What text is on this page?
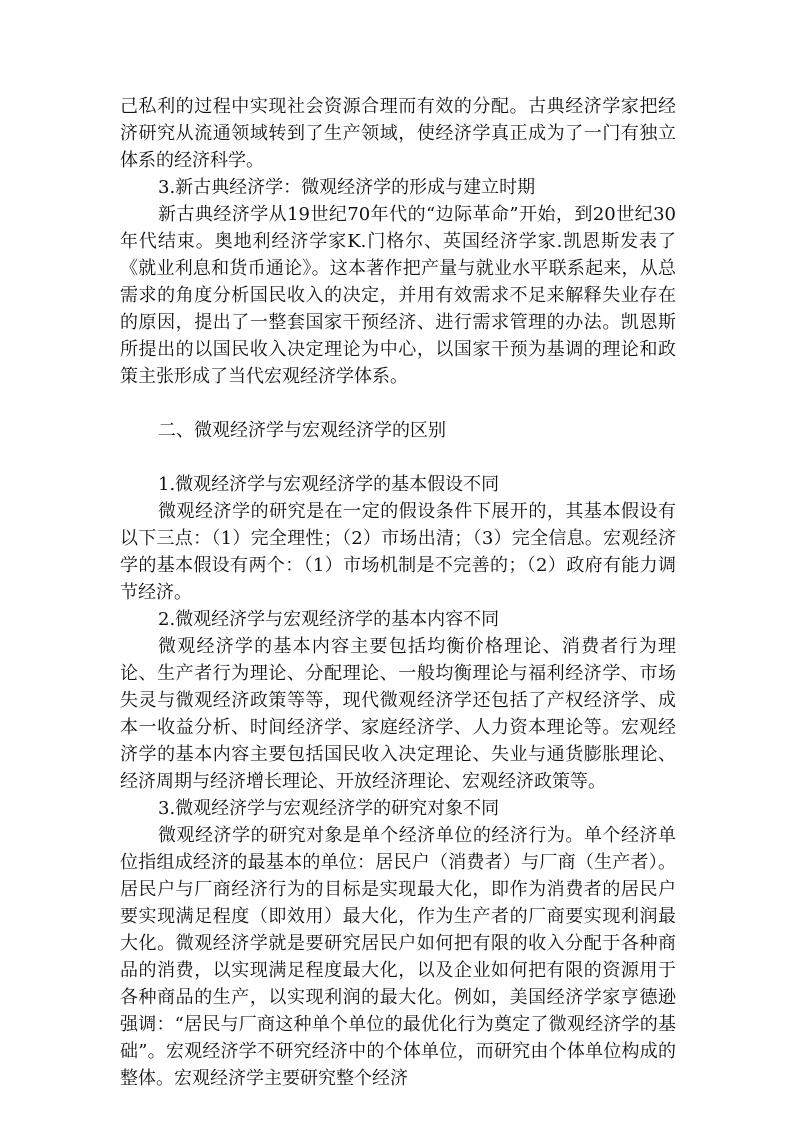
己私利的过程中实现社会资源合理而有效的分配。古典经济学家把经济研究从流通领域转到了生产领域，使经济学真正成为了一门有独立体系的经济科学。

3.新古典经济学：微观经济学的形成与建立时期

新古典经济学从19世纪70年代的“边际革命”开始，到20世纪30年代结束。奥地利经济学家K.门格尔、英国经济学家.凯恩斯发表了《就业利息和货币通论》。这本著作把产量与就业水平联系起来，从总需求的角度分析国民收入的决定，并用有效需求不足来解释失业存在的原因，提出了一整套国家干预经济、进行需求管理的办法。凯恩斯所提出的以国民收入决定理论为中心，以国家干预为基调的理论和政策主张形成了当代宏观经济学体系。

二、微观经济学与宏观经济学的区别

1.微观经济学与宏观经济学的基本假设不同

微观经济学的研究是在一定的假设条件下展开的，其基本假设有以下三点：（1）完全理性；（2）市场出清；（3）完全信息。宏观经济学的基本假设有两个：（1）市场机制是不完善的；（2）政府有能力调节经济。

2.微观经济学与宏观经济学的基本内容不同

微观经济学的基本内容主要包括均衡价格理论、消费者行为理论、生产者行为理论、分配理论、一般均衡理论与福利经济学、市场失灵与微观经济政策等等，现代微观经济学还包括了产权经济学、成本一收益分析、时间经济学、家庭经济学、人力资本理论等。宏观经济学的基本内容主要包括国民收入决定理论、失业与通货膨胀理论、经济周期与经济增长理论、开放经济理论、宏观经济政策等。

3.微观经济学与宏观经济学的研究对象不同

微观经济学的研究对象是单个经济单位的经济行为。单个经济单位指组成经济的最基本的单位：居民户（消费者）与厂商（生产者）。居民户与厂商经济行为的目标是实现最大化，即作为消费者的居民户要实现满足程度（即效用）最大化，作为生产者的厂商要实现利润最大化。微观经济学就是要研究居民户如何把有限的收入分配于各种商品的消费，以实现满足程度最大化，以及企业如何把有限的资源用于各种商品的生产，以实现利润的最大化。例如，美国经济学家亨德逊强调：“居民与厂商这种单个单位的最优化行为奠定了微观经济学的基础”。宏观经济学不研究经济中的个体单位，而研究由个体单位构成的整体。宏观经济学主要研究整个经济
